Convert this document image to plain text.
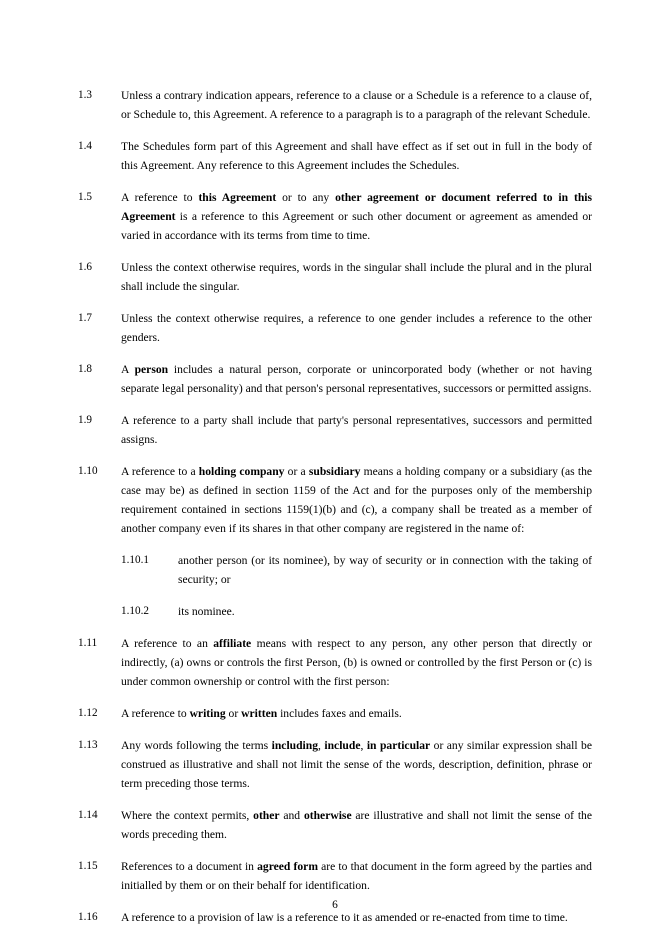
1.3	Unless a contrary indication appears, reference to a clause or a Schedule is a reference to a clause of, or Schedule to, this Agreement. A reference to a paragraph is to a paragraph of the relevant Schedule.
1.4	The Schedules form part of this Agreement and shall have effect as if set out in full in the body of this Agreement. Any reference to this Agreement includes the Schedules.
1.5	A reference to this Agreement or to any other agreement or document referred to in this Agreement is a reference to this Agreement or such other document or agreement as amended or varied in accordance with its terms from time to time.
1.6	Unless the context otherwise requires, words in the singular shall include the plural and in the plural shall include the singular.
1.7	Unless the context otherwise requires, a reference to one gender includes a reference to the other genders.
1.8	A person includes a natural person, corporate or unincorporated body (whether or not having separate legal personality) and that person's personal representatives, successors or permitted assigns.
1.9	A reference to a party shall include that party's personal representatives, successors and permitted assigns.
1.10	A reference to a holding company or a subsidiary means a holding company or a subsidiary (as the case may be) as defined in section 1159 of the Act and for the purposes only of the membership requirement contained in sections 1159(1)(b) and (c), a company shall be treated as a member of another company even if its shares in that other company are registered in the name of:
1.10.1	another person (or its nominee), by way of security or in connection with the taking of security; or
1.10.2	its nominee.
1.11	A reference to an affiliate means with respect to any person, any other person that directly or indirectly, (a) owns or controls the first Person, (b) is owned or controlled by the first Person or (c) is under common ownership or control with the first person:
1.12	A reference to writing or written includes faxes and emails.
1.13	Any words following the terms including, include, in particular or any similar expression shall be construed as illustrative and shall not limit the sense of the words, description, definition, phrase or term preceding those terms.
1.14	Where the context permits, other and otherwise are illustrative and shall not limit the sense of the words preceding them.
1.15	References to a document in agreed form are to that document in the form agreed by the parties and initialled by them or on their behalf for identification.
1.16	A reference to a provision of law is a reference to it as amended or re-enacted from time to time.
6
